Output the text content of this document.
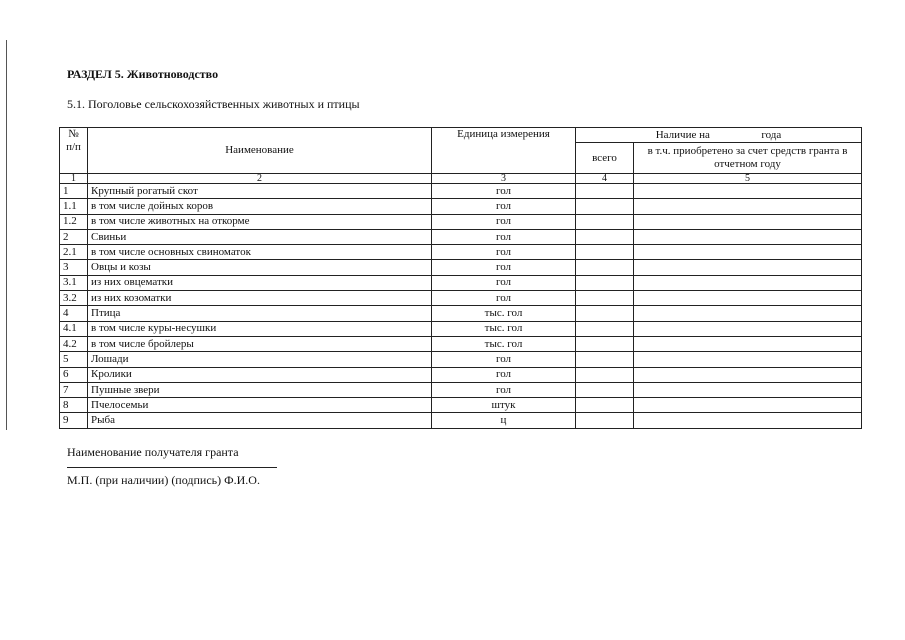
РАЗДЕЛ 5. Животноводство
5.1. Поголовье сельскохозяйственных животных и птицы
№ п/п	Наименование	Единица измерения	Наличие на года	
			всего	в т.ч. приобретено за счет средств гранта в отчетном году
1	2	3	4	5
1	Крупный рогатый скот	гол		
1.1	в том числе дойных коров	гол		
1.2	в том числе животных на откорме	гол		
2	Свиньи	гол		
2.1	в том числе основных свиноматок	гол		
3	Овцы и козы	гол		
3.1	из них овцематки	гол		
3.2	из них козоматки	гол		
4	Птица	тыс. гол		
4.1	в том числе куры-несушки	тыс. гол		
4.2	в том числе бройлеры	тыс. гол		
5	Лошади	гол		
6	Кролики	гол		
7	Пушные звери	гол		
8	Пчелосемьи	штук		
9	Рыба	ц		
Наименование получателя гранта
М.П. (при наличии) (подпись) Ф.И.О.
